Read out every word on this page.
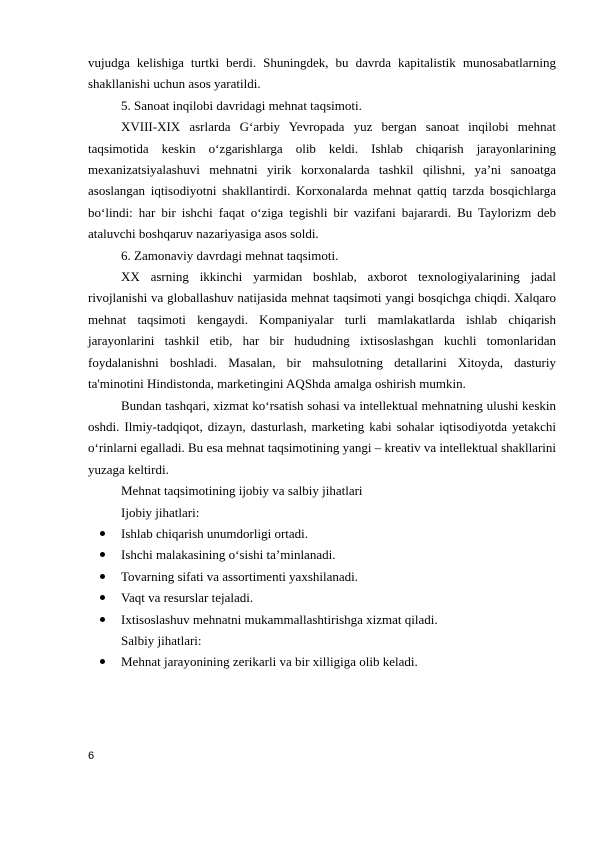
vujudga kelishiga turtki berdi. Shuningdek, bu davrda kapitalistik munosabatlarning shakllanishi uchun asos yaratildi.

5. Sanoat inqilobi davridagi mehnat taqsimoti.

XVIII-XIX asrlarda G‘arbiy Yevropada yuz bergan sanoat inqilobi mehnat taqsimotida keskin o‘zgarishlarga olib keldi. Ishlab chiqarish jarayonlarining mexanizatsiyalashuvi mehnatni yirik korxonalarda tashkil qilishni, ya’ni sanoatga asoslangan iqtisodiyotni shakllantirdi. Korxonalarda mehnat qattiq tarzda bosqichlarga bo‘lindi: har bir ishchi faqat o‘ziga tegishli bir vazifani bajarardi. Bu Taylorizm deb ataluvchi boshqaruv nazariyasiga asos soldi.

6. Zamonaviy davrdagi mehnat taqsimoti.

XX asrning ikkinchi yarmidan boshlab, axborot texnologiyalarining jadal rivojlanishi va globallashuv natijasida mehnat taqsimoti yangi bosqichga chiqdi. Xalqaro mehnat taqsimoti kengaydi. Kompaniyalar turli mamlakatlarda ishlab chiqarish jarayonlarini tashkil etib, har bir hududning ixtisoslashgan kuchli tomonlaridan foydalanishni boshladi. Masalan, bir mahsulotning detallarini Xitoyda, dasturiy ta'minotini Hindistonda, marketingini AQShda amalga oshirish mumkin.

Bundan tashqari, xizmat ko‘rsatish sohasi va intellektual mehnatning ulushi keskin oshdi. Ilmiy-tadqiqot, dizayn, dasturlash, marketing kabi sohalar iqtisodiyotda yetakchi o‘rinlarni egalladi. Bu esa mehnat taqsimotining yangi – kreativ va intellektual shakllarini yuzaga keltirdi.

Mehnat taqsimotining ijobiy va salbiy jihatlari

Ijobiy jihatlari:

Ishlab chiqarish unumdorligi ortadi.
Ishchi malakasining o‘sishi ta’minlanadi.
Tovarning sifati va assortimenti yaxshilanadi.
Vaqt va resurslar tejaladi.
Ixtisoslashuv mehnatni mukammallashtirishga xizmat qiladi.

Salbiy jihatlari:

Mehnat jarayonining zerikarli va bir xilligiga olib keladi.
6
